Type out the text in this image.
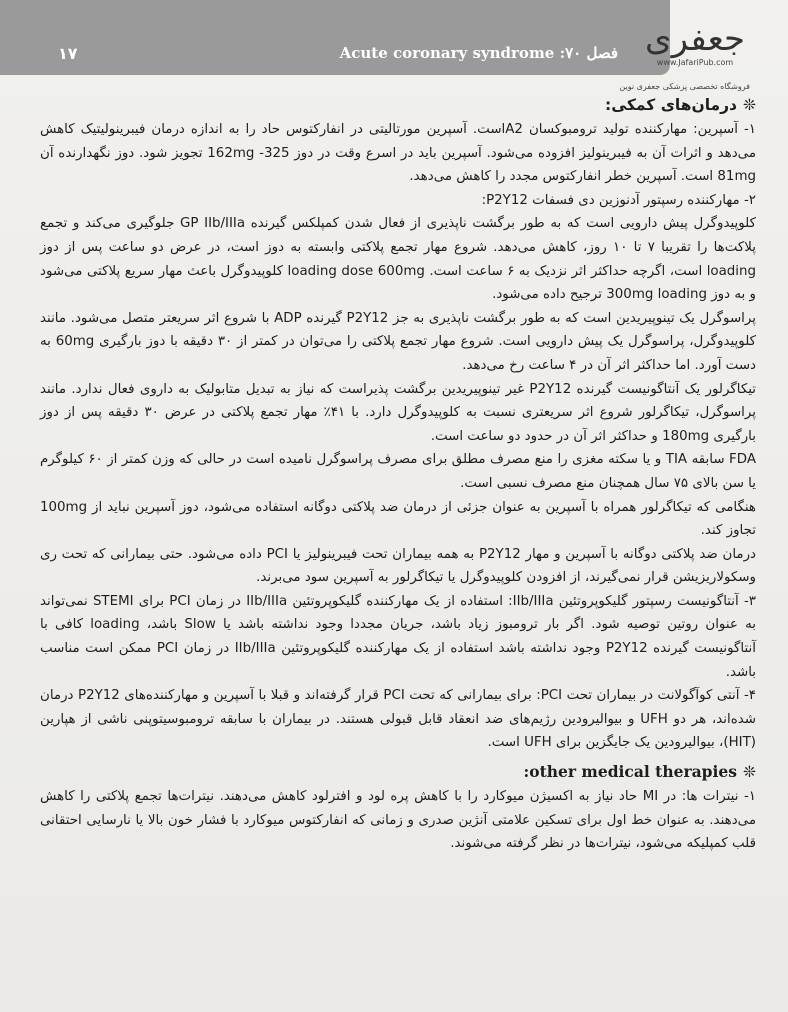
۱۷	Acute coronary syndrome :۷۰ فصل جعفری
www.JafariPub.com
فروشگاه تخصصی پزشکی جعفری نوین

❊درمان‌های کمکی:

۱- آسپرین: مهارکننده تولید ترومبوکسان A2است. آسپرین مورتالیتی در انفارکتوس حاد را به اندازه درمان فیبرینولیتیک کاهش می‌دهد و اثرات آن به فیبرینولیز افزوده می‌شود. آسپرین باید در اسرع وقت در دوز 162mg -325 تجویز شود. دوز نگهدارنده آن 81mg است. آسپرین خطر انفارکتوس مجدد را کاهش می‌دهد.

۲- مهارکننده رسپتور آدنوزین دی فسفات P2Y12:

کلوپیدوگرل پیش دارویی است که به طور برگشت ناپذیری از فعال شدن کمپلکس گیرنده GP IIb/IIIa جلوگیری می‌کند و تجمع پلاکت‌ها را تقریبا ۷ تا ۱۰ روز، کاهش می‌دهد. شروع مهار تجمع پلاکتی وابسته به دوز است، در عرض دو ساعت پس از دوز loading است، اگرچه حداکثر اثر نزدیک به ۶ ساعت است. loading dose 600mg کلوپیدوگرل باعث مهار سریع پلاکتی می‌شود و به دوز 300mg loading ترجیح داده می‌شود.

پراسوگرل یک تینوپیریدین است که به طور برگشت ناپذیری به جز P2Y12 گیرنده ADP با شروع اثر سریعتر متصل می‌شود. مانند کلوپیدوگرل، پراسوگرل یک پیش دارویی است. شروع مهار تجمع پلاکتی را می‌توان در کمتر از ۳۰ دقیقه با دوز بارگیری 60mg به دست آورد. اما حداکثر اثر آن در ۴ ساعت رخ می‌دهد.

تیکاگرلور یک آنتاگونیست گیرنده P2Y12 غیر تینوپیریدین برگشت پذیراست که نیاز به تبدیل متابولیک به داروی فعال ندارد. مانند پراسوگرل، تیکاگرلور شروع اثر سریعتری نسبت به کلوپیدوگرل دارد. با ۴۱٪ مهار تجمع پلاکتی در عرض ۳۰ دقیقه پس از دوز بارگیری 180mg و حداکثر اثر آن در حدود دو ساعت است.

FDA سابقه TIA و یا سکته مغزی را منع مصرف مطلق برای مصرف پراسوگرل نامیده است در حالی که وزن کمتر از ۶۰ کیلوگرم یا سن بالای ۷۵ سال همچنان منع مصرف نسبی است.

هنگامی که تیکاگرلور همراه با آسپرین به عنوان جزئی از درمان ضد پلاکتی دوگانه استفاده می‌شود، دوز آسپرین نباید از 100mg تجاوز کند.

درمان ضد پلاکتی دوگانه با آسپرین و مهار P2Y12 به همه بیماران تحت فیبرینولیز یا PCI داده می‌شود. حتی بیمارانی که تحت ری وسکولاریزیشن قرار نمی‌گیرند، از افزودن کلوپیدوگرل یا تیکاگرلور به آسپرین سود می‌برند.

۳- آنتاگونیست رسپتور گلیکوپروتئین IIb/IIIa: استفاده از یک مهارکننده گلیکوپروتئین IIb/IIIa در زمان PCI برای STEMI نمی‌تواند به عنوان روتین توصیه شود. اگر بار ترومبوز زیاد باشد، جریان مجددا وجود نداشته باشد یا Slow باشد، loading کافی با آنتاگونیست گیرنده P2Y12 وجود نداشته باشد استفاده از یک مهارکننده گلیکوپروتئین IIb/IIIa در زمان PCI ممکن است مناسب باشد.

۴- آنتی کوآگولانت در بیماران تحت PCI: برای بیمارانی که تحت PCI قرار گرفته‌اند و قبلا با آسپرین و مهارکننده‌های P2Y12 درمان شده‌اند، هر دو UFH و بیوالیرودین رژیم‌های ضد انعقاد قابل قبولی هستند. در بیماران با سابقه ترومبوسیتوپنی ناشی از هپارین (HIT)، بیوالیرودین یک جایگزین برای UFH است.

❊other medical therapies:

۱- نیترات ها: در MI حاد نیاز به اکسیژن میوکارد را با کاهش پره لود و افترلود کاهش می‌دهند. نیترات‌ها تجمع پلاکتی را کاهش می‌دهند. به عنوان خط اول برای تسکین علامتی آنژین صدری و زمانی که انفارکتوس میوکارد با فشار خون بالا یا نارسایی احتقانی قلب کمپلیکه می‌شود، نیترات‌ها در نظر گرفته می‌شوند.
